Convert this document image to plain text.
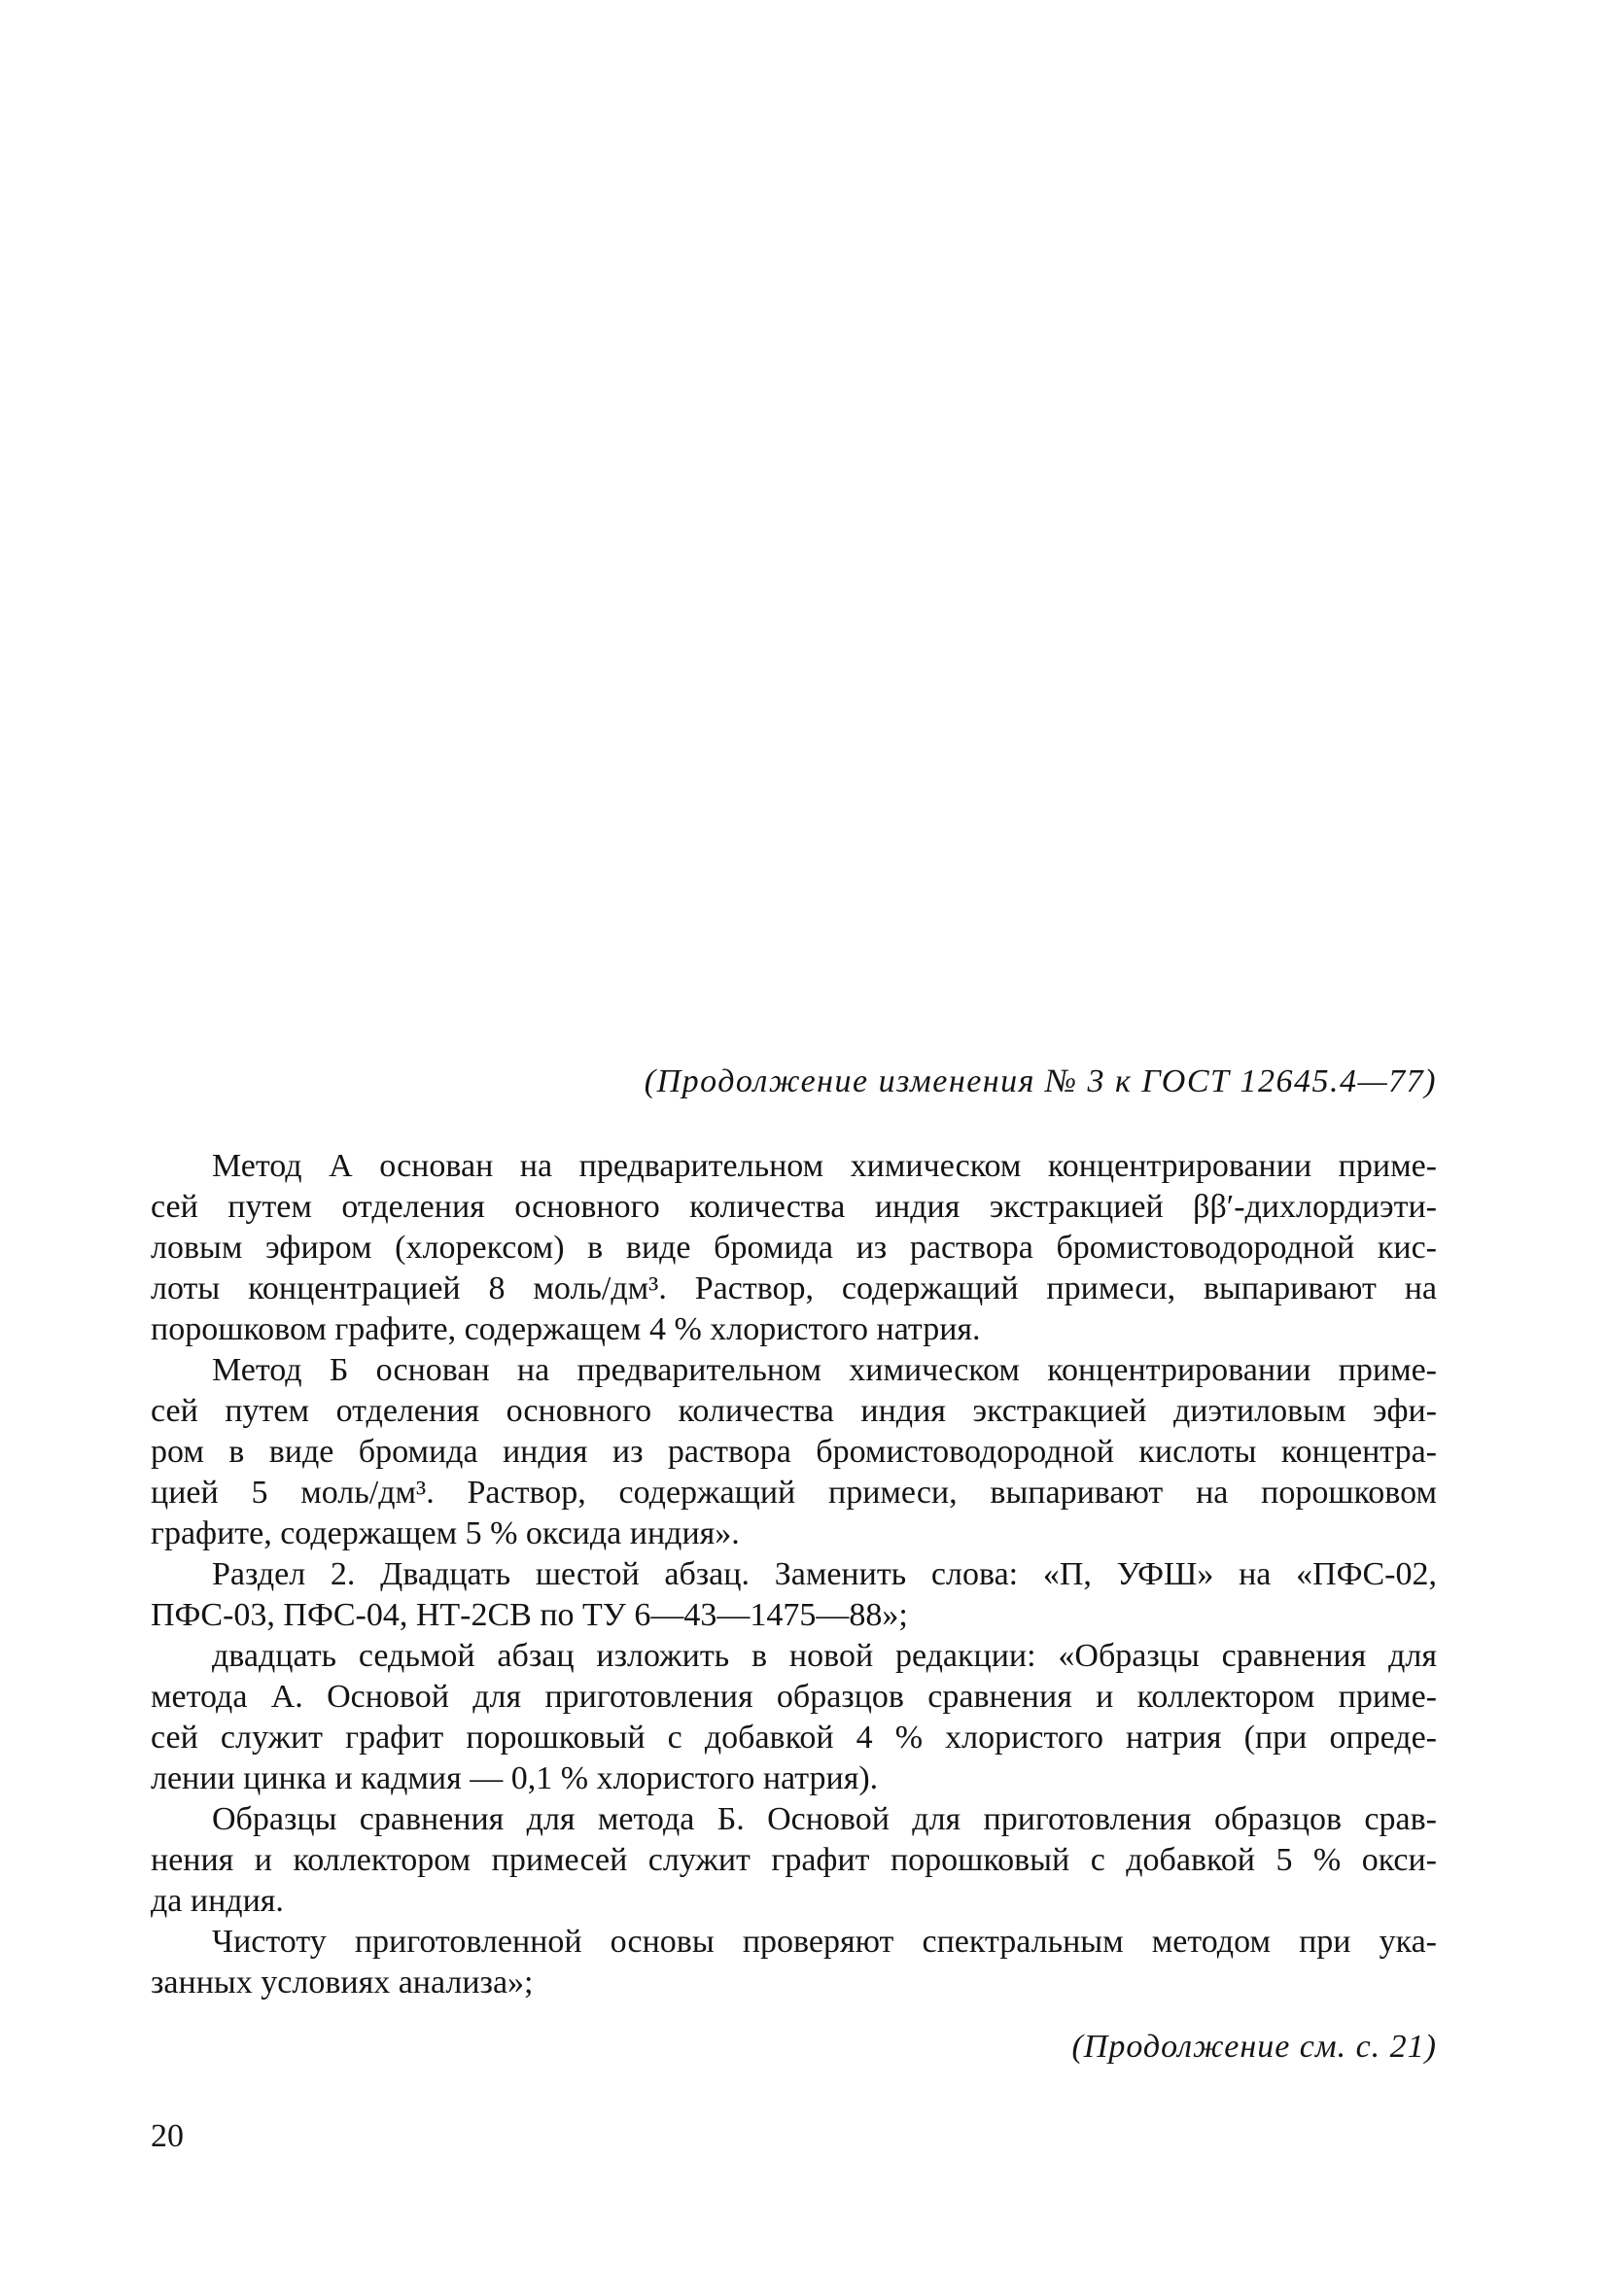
(Продолжение изменения № 3 к ГОСТ 12645.4—77)
Метод А основан на предварительном химическом концентрировании приме-
сей путем отделения основного количества индия экстракцией ββ′-дихлордиэти-
ловым эфиром (хлорексом) в виде бромида из раствора бромистоводородной кис-
лоты концентрацией 8 моль/дм³. Раствор, содержащий примеси, выпаривают на
порошковом графите, содержащем 4 % хлористого натрия.
Метод Б основан на предварительном химическом концентрировании приме-
сей путем отделения основного количества индия экстракцией диэтиловым эфи-
ром в виде бромида индия из раствора бромистоводородной кислоты концентра-
цией 5 моль/дм³. Раствор, содержащий примеси, выпаривают на порошковом
графите, содержащем 5 % оксида индия».
Раздел 2. Двадцать шестой абзац. Заменить слова: «П, УФШ» на «ПФС-02,
ПФС-03, ПФС-04, НТ-2СВ по ТУ 6—43—1475—88»;
двадцать седьмой абзац изложить в новой редакции: «Образцы сравнения для
метода А. Основой для приготовления образцов сравнения и коллектором приме-
сей служит графит порошковый с добавкой 4 % хлористого натрия (при опреде-
лении цинка и кадмия — 0,1 % хлористого натрия).
Образцы сравнения для метода Б. Основой для приготовления образцов срав-
нения и коллектором примесей служит графит порошковый с добавкой 5 % окси-
да индия.
Чистоту приготовленной основы проверяют спектральным методом при ука-
занных условиях анализа»;
(Продолжение см. с. 21)
20
